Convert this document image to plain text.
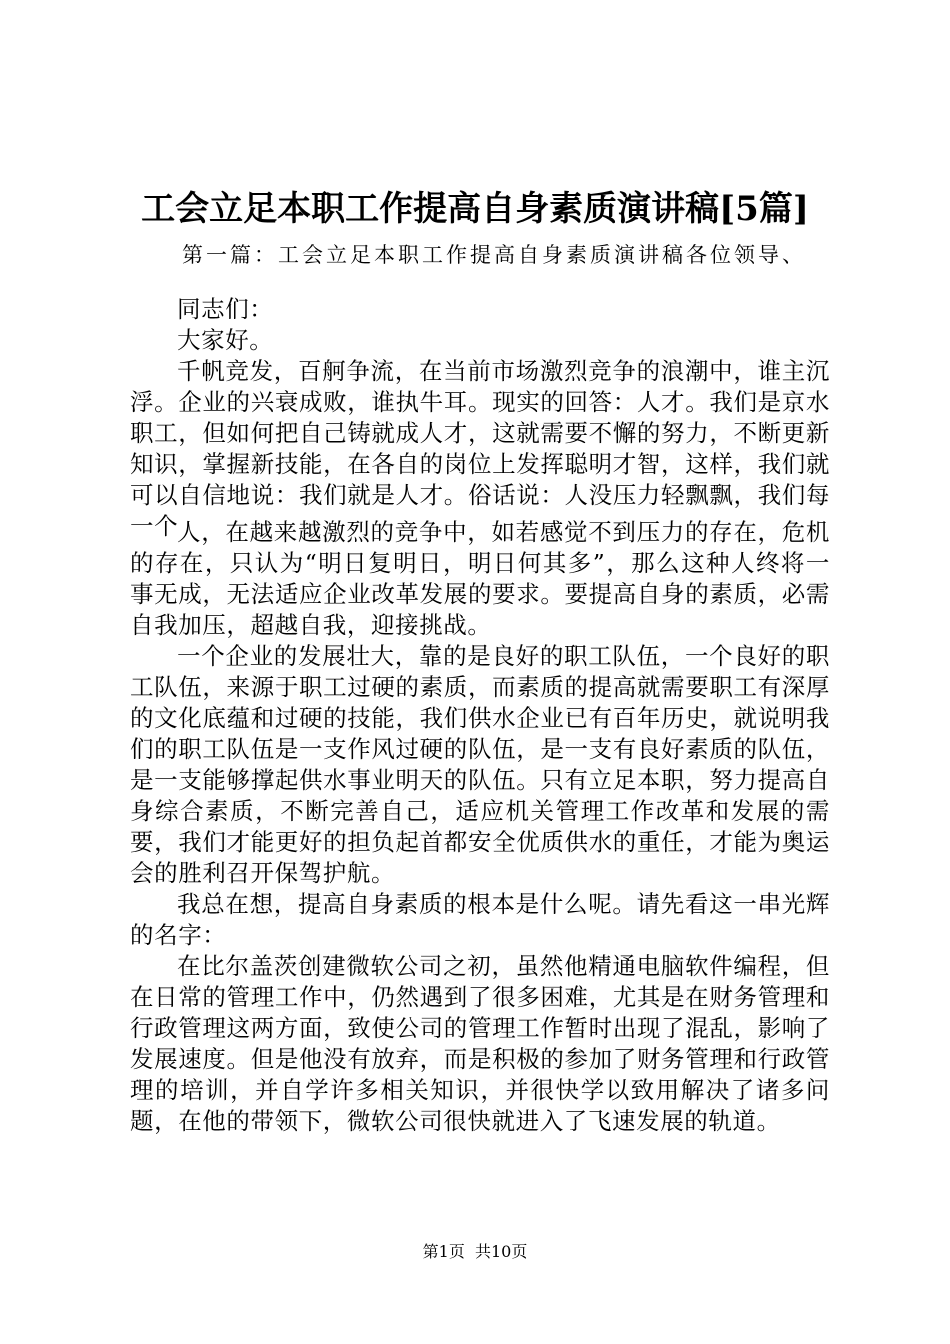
工会立足本职工作提高自身素质演讲稿[5篇]
第一篇：工会立足本职工作提高自身素质演讲稿各位领导、

同志们：

大家好。

千帆竞发，百舸争流，在当前市场激烈竞争的浪潮中，谁主沉浮。企业的兴衰成败，谁执牛耳。现实的回答：人才。我们是京水职工，但如何把自己铸就成人才，这就需要不懈的努力，不断更新知识，掌握新技能，在各自的岗位上发挥聪明才智，这样，我们就可以自信地说：我们就是人才。俗话说：人没压力轻飘飘，我们每一个

人，在越来越激烈的竞争中，如若感觉不到压力的存在，危机的存在，只认为“明日复明日，明日何其多”，那么这种人终将一事无成，无法适应企业改革发展的要求。要提高自身的素质，必需自我加压，超越自我，迎接挑战。

一个企业的发展壮大，靠的是良好的职工队伍，一个良好的职工队伍，来源于职工过硬的素质，而素质的提高就需要职工有深厚的文化底蕴和过硬的技能，我们供水企业已有百年历史，就说明我们的职工队伍是一支作风过硬的队伍，是一支有良好素质的队伍，是一支能够撑起供水事业明天的队伍。只有立足本职，努力提高自身综合素质，不断完善自己，适应机关管理工作改革和发展的需要，我们才能更好的担负起首都安全优质供水的重任，才能为奥运会的胜利召开保驾护航。

我总在想，提高自身素质的根本是什么呢。请先看这一串光辉的名字：

在比尔盖茨创建微软公司之初，虽然他精通电脑软件编程，但在日常的管理工作中，仍然遇到了很多困难，尤其是在财务管理和行政管理这两方面，致使公司的管理工作暂时出现了混乱，影响了发展速度。但是他没有放弃，而是积极的参加了财务管理和行政管理的培训，并自学许多相关知识，并很快学以致用解决了诸多问题，在他的带领下，微软公司很快就进入了飞速发展的轨道。

第1页  共10页
